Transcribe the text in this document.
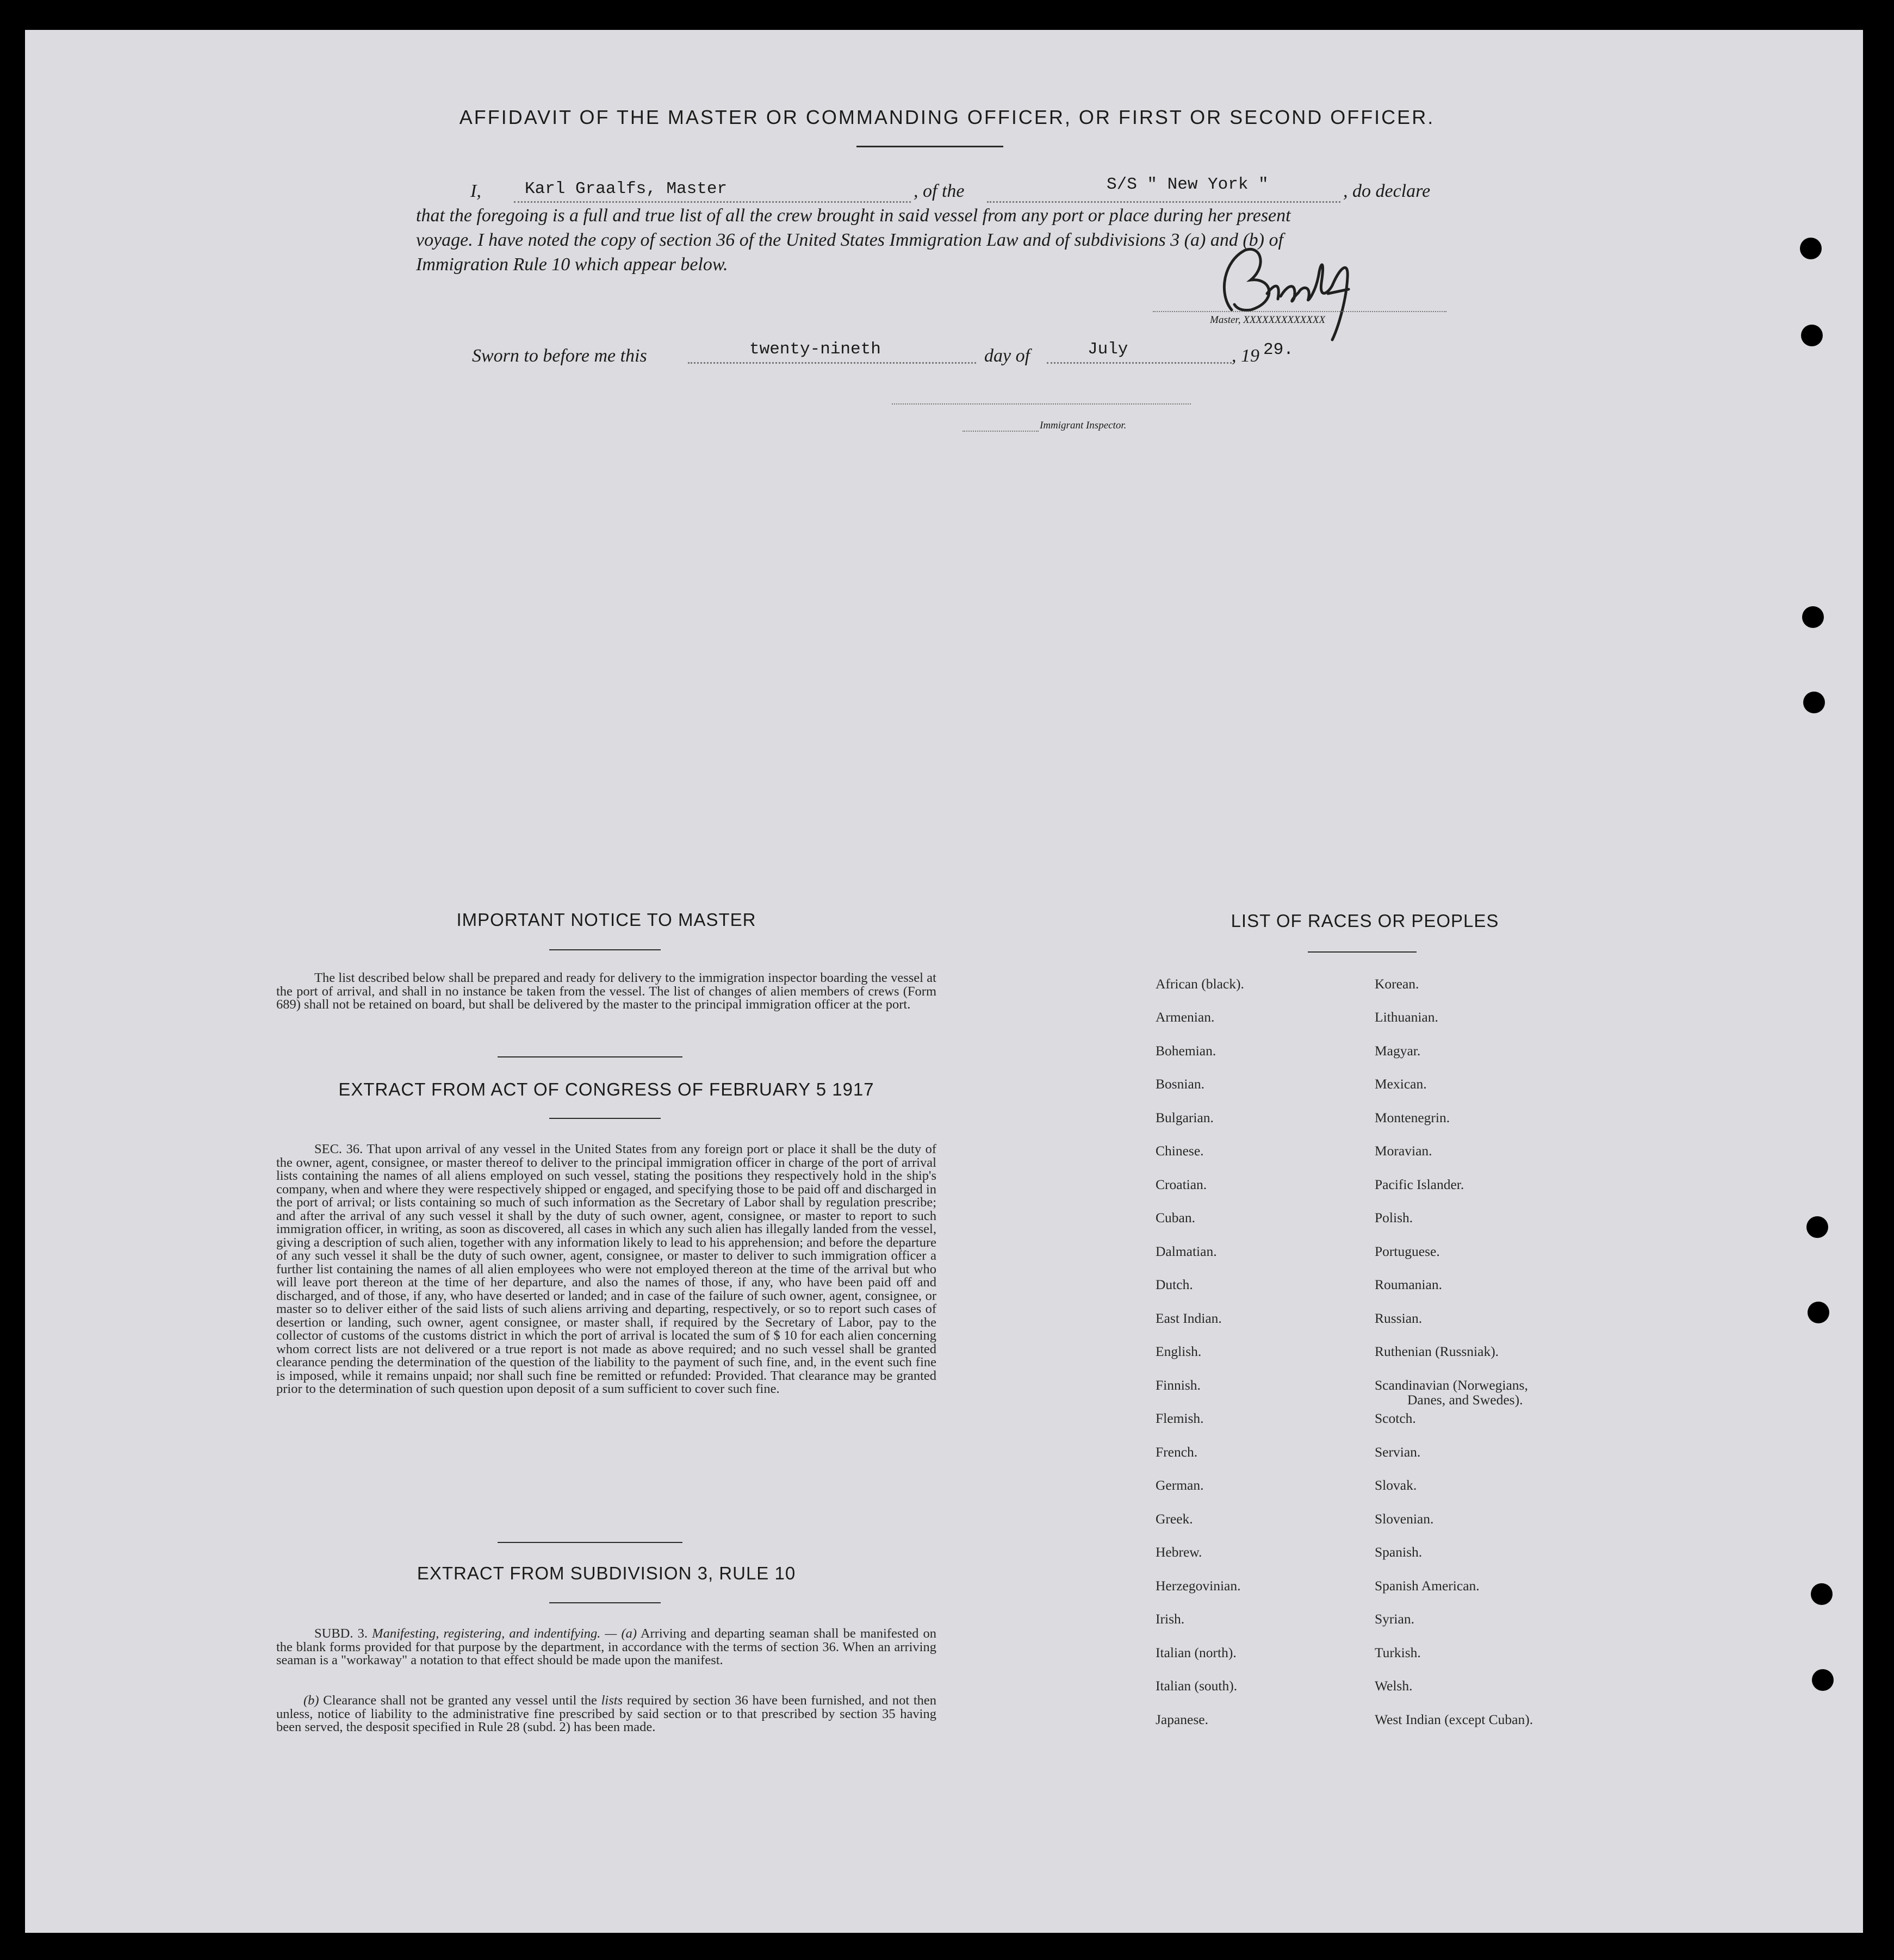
AFFIDAVIT OF THE MASTER OR COMMANDING OFFICER, OR FIRST OR SECOND OFFICER.
I,	Karl Graalfs, Master	, of the	S/S " New York "	, do declare
that the foregoing is a full and true list of all the crew brought in said vessel from any port or place during her present
voyage. I have noted the copy of section 36 of the United States Immigration Law and of subdivisions 3 (a) and (b) of
Immigration Rule 10 which appear below.
Master, XXXXXXXXXXXXX
Sworn to before me this	twenty-nineth	day of	July	, 19 29.
Immigrant Inspector.
IMPORTANT NOTICE TO MASTER
The list described below shall be prepared and ready for delivery to the immigration inspector boarding the vessel at the port of arrival, and shall in no instance be taken from the vessel. The list of changes of alien members of crews (Form 689) shall not be retained on board, but shall be delivered by the master to the principal immigration officer at the port.
EXTRACT FROM ACT OF CONGRESS OF FEBRUARY 5 1917
SEC. 36. That upon arrival of any vessel in the United States from any foreign port or place it shall be the duty of the owner, agent, consignee, or master thereof to deliver to the principal immigration officer in charge of the port of arrival lists containing the names of all aliens employed on such vessel, stating the positions they respectively hold in the ship's company, when and where they were respectively shipped or engaged, and specifying those to be paid off and discharged in the port of arrival; or lists containing so much of such information as the Secretary of Labor shall by regulation prescribe; and after the arrival of any such vessel it shall by the duty of such owner, agent, consignee, or master to report to such immigration officer, in writing, as soon as discovered, all cases in which any such alien has illegally landed from the vessel, giving a description of such alien, together with any information likely to lead to his apprehension; and before the departure of any such vessel it shall be the duty of such owner, agent, consignee, or master to deliver to such immigration officer a further list containing the names of all alien employees who were not employed thereon at the time of the arrival but who will leave port thereon at the time of her departure, and also the names of those, if any, who have been paid off and discharged, and of those, if any, who have deserted or landed; and in case of the failure of such owner, agent, consignee, or master so to deliver either of the said lists of such aliens arriving and departing, respectively, or so to report such cases of desertion or landing, such owner, agent consignee, or master shall, if required by the Secretary of Labor, pay to the collector of customs of the customs district in which the port of arrival is located the sum of $ 10 for each alien concerning whom correct lists are not delivered or a true report is not made as above required; and no such vessel shall be granted clearance pending the determination of the question of the liability to the payment of such fine, and, in the event such fine is imposed, while it remains unpaid; nor shall such fine be remitted or refunded: Provided. That clearance may be granted prior to the determination of such question upon deposit of a sum sufficient to cover such fine.
EXTRACT FROM SUBDIVISION 3, RULE 10
SUBD. 3. Manifesting, registering, and indentifying. — (a) Arriving and departing seaman shall be manifested on the blank forms provided for that purpose by the department, in accordance with the terms of section 36. When an arriving seaman is a "workaway" a notation to that effect should be made upon the manifest.
(b) Clearance shall not be granted any vessel until the lists required by section 36 have been furnished, and not then unless, notice of liability to the administrative fine prescribed by said section or to that prescribed by section 35 having been served, the desposit specified in Rule 28 (subd. 2) has been made.
LIST OF RACES OR PEOPLES
African (black).
Armenian.
Bohemian.
Bosnian.
Bulgarian.
Chinese.
Croatian.
Cuban.
Dalmatian.
Dutch.
East Indian.
English.
Finnish.
Flemish.
French.
German.
Greek.
Hebrew.
Herzegovinian.
Irish.
Italian (north).
Italian (south).
Japanese.
Korean.
Lithuanian.
Magyar.
Mexican.
Montenegrin.
Moravian.
Pacific Islander.
Polish.
Portuguese.
Roumanian.
Russian.
Ruthenian (Russniak).
Scandinavian (Norwegians,
Danes, and Swedes).
Scotch.
Servian.
Slovak.
Slovenian.
Spanish.
Spanish American.
Syrian.
Turkish.
Welsh.
West Indian (except Cuban).
